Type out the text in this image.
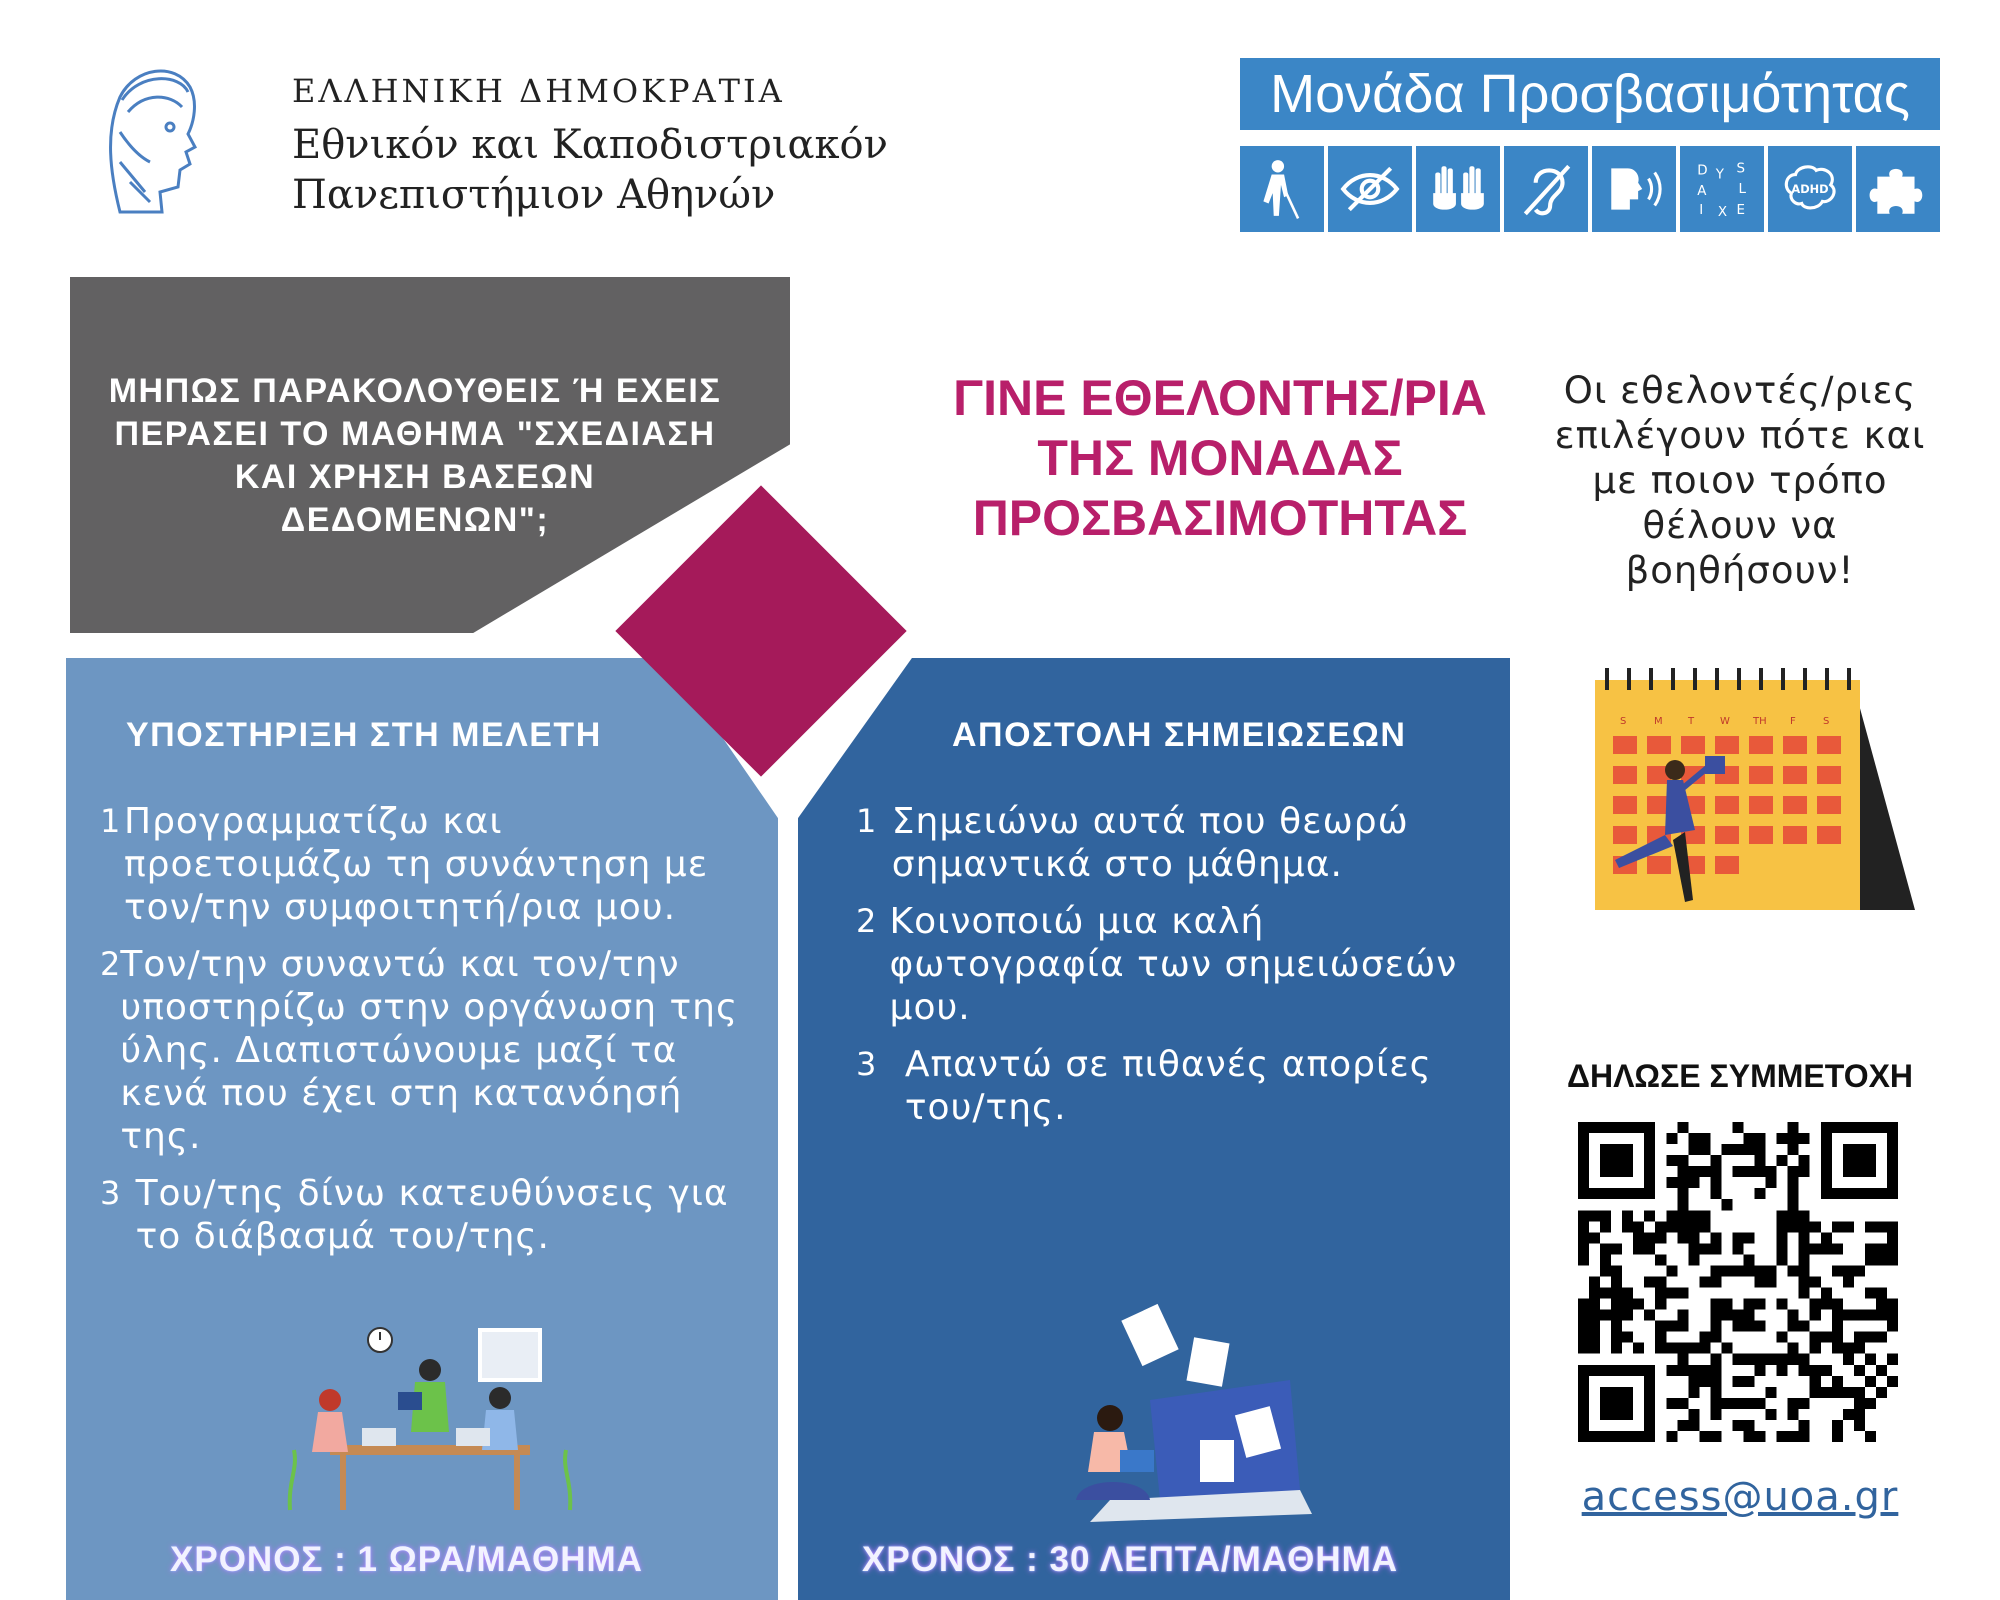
ΕΛΛΗΝΙΚΗ ΔΗΜΟΚΡΑΤΙΑ
Εθνικόν και Καποδιστριακόν
Πανεπιστήμιον Αθηνών
Μονάδα Προσβασιμότητας
D Y S
L
E
X
I
A	ADHD
ΜΗΠΩΣ ΠΑΡΑΚΟΛΟΥΘΕΙΣ Ή ΕΧΕΙΣ ΠΕΡΑΣΕΙ ΤΟ ΜΑΘΗΜΑ "ΣΧΕΔΙΑΣΗ ΚΑΙ ΧΡΗΣΗ ΒΑΣΕΩΝ ΔΕΔΟΜΕΝΩΝ";
ΓΙΝΕ ΕΘΕΛΟΝΤΗΣ/ΡΙΑ
ΤΗΣ ΜΟΝΑΔΑΣ
ΠΡΟΣΒΑΣΙΜΟΤΗΤΑΣ
Οι εθελοντές/ριες επιλέγουν πότε και με ποιον τρόπο θέλουν να βοηθήσουν!
S	M	T	W TH F	S
ΥΠΟΣΤΗΡΙΞΗ ΣΤΗ ΜΕΛΕΤΗ
1 Προγραμματίζω και προετοιμάζω τη συνάντηση με τον/την συμφοιτητή/ρια μου.
2 Τον/την συναντώ και τον/την υποστηρίζω στην οργάνωση της ύλης. Διαπιστώνουμε μαζί τα κενά που έχει στη κατανόησή της.
3 Του/της δίνω κατευθύνσεις για το διάβασμά του/της.
ΧΡΟΝΟΣ : 1 ΩΡΑ/ΜΑΘΗΜΑ
ΑΠΟΣΤΟΛΗ ΣΗΜΕΙΩΣΕΩΝ
1 Σημειώνω αυτά που θεωρώ σημαντικά στο μάθημα.
2 Κοινοποιώ μια καλή φωτογραφία των σημειώσεών μου.
3 Απαντώ σε πιθανές απορίες του/της.
ΧΡΟΝΟΣ : 30 ΛΕΠΤΑ/ΜΑΘΗΜΑ
ΔΗΛΩΣΕ ΣΥΜΜΕΤΟΧΗ
access@uoa.gr
